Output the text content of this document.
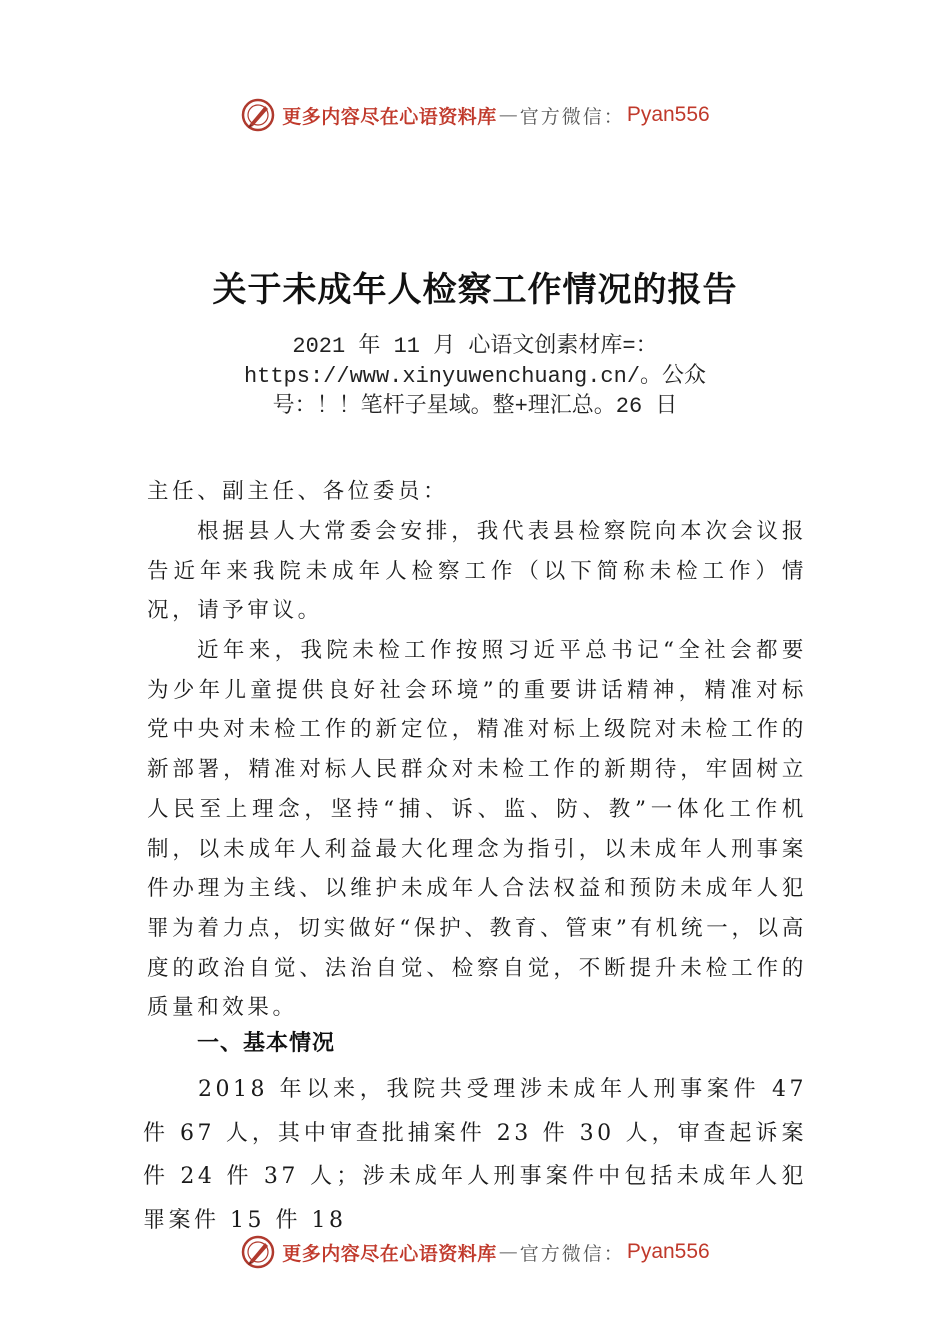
更多内容尽在心语资料库 — 官方微信： Pyan556
关于未成年人检察工作情况的报告
2021 年 11 月 心语文创素材库=：
https://www.xinyuwenchuang.cn/。公众
号：！！笔杆子星域。整+理汇总。26 日
主任、副主任、各位委员：
根据县人大常委会安排，我代表县检察院向本次会议报告近年来我院未成年人检察工作（以下简称未检工作）情况，请予审议。
近年来，我院未检工作按照习近平总书记“全社会都要为少年儿童提供良好社会环境”的重要讲话精神，精准对标党中央对未检工作的新定位，精准对标上级院对未检工作的新部署，精准对标人民群众对未检工作的新期待，牢固树立人民至上理念，坚持“捕、诉、监、防、教”一体化工作机制，以未成年人利益最大化理念为指引，以未成年人刑事案件办理为主线、以维护未成年人合法权益和预防未成年人犯罪为着力点，切实做好“保护、教育、管束”有机统一，以高度的政治自觉、法治自觉、检察自觉，不断提升未检工作的质量和效果。
一、基本情况
2018 年以来，我院共受理涉未成年人刑事案件 47 件 67 人，其中审查批捕案件 23 件 30 人，审查起诉案件 24 件 37 人；涉未成年人刑事案件中包括未成年人犯罪案件 15 件 18
更多内容尽在心语资料库 — 官方微信： Pyan556
